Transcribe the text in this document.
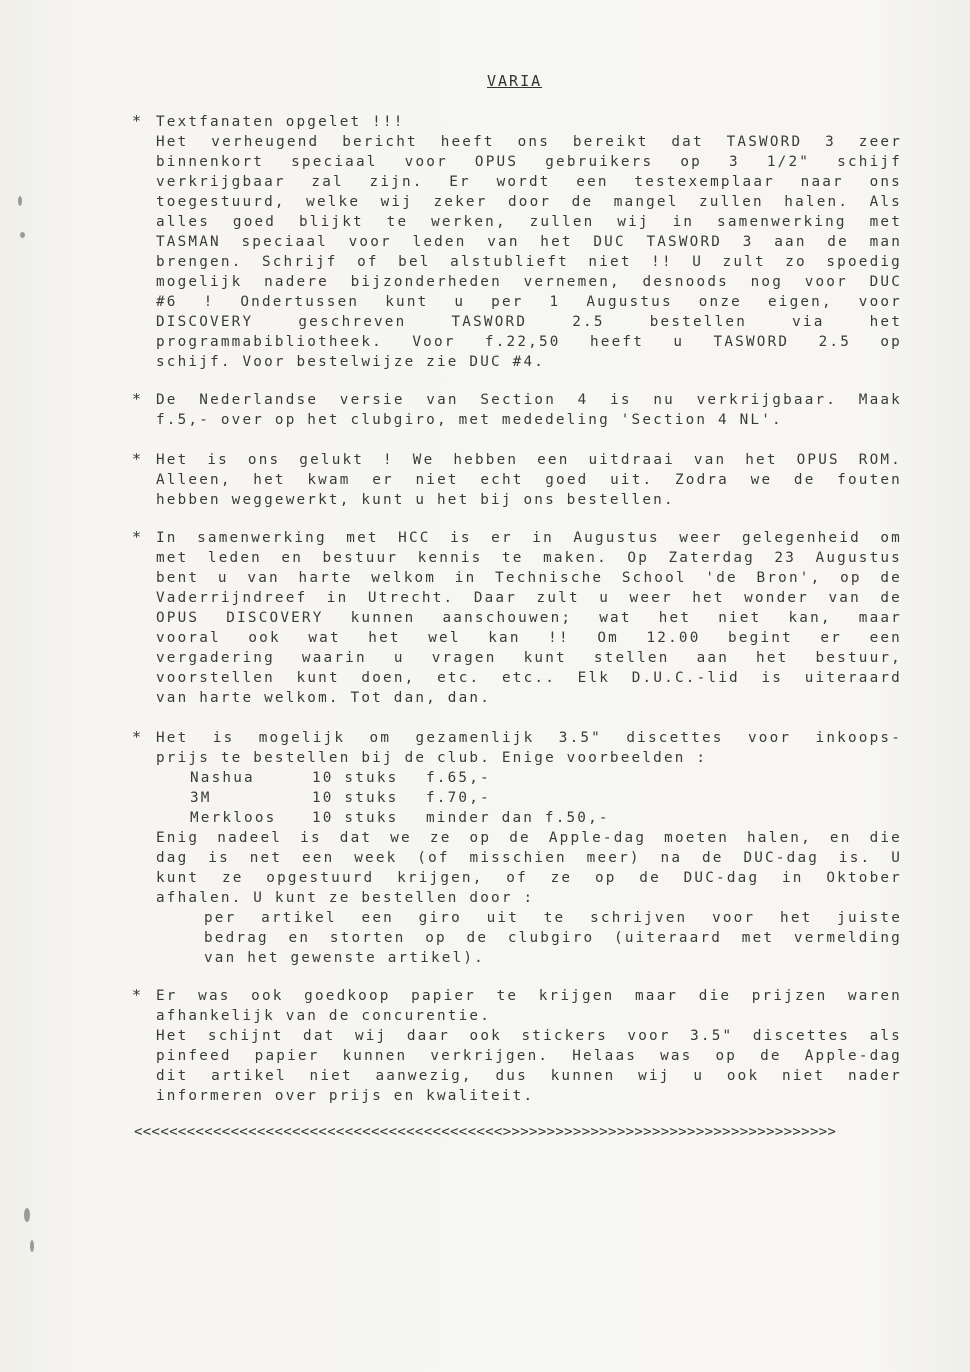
VARIA
* Textfanaten opgelet !!!
Het verheugend bericht heeft ons bereikt dat TASWORD 3 zeer
binnenkort speciaal voor OPUS gebruikers op 3 1/2" schijf
verkrijgbaar zal zijn. Er wordt een testexemplaar naar ons
toegestuurd, welke wij zeker door de mangel zullen halen. Als
alles goed blijkt te werken, zullen wij in samenwerking met
TASMAN speciaal voor leden van het DUC TASWORD 3 aan de man
brengen. Schrijf of bel alstublieft niet !! U zult zo spoedig
mogelijk nadere bijzonderheden vernemen, desnoods nog voor DUC
#6 ! Ondertussen kunt u per 1 Augustus onze eigen, voor
DISCOVERY geschreven TASWORD 2.5 bestellen via het
programmabibliotheek. Voor f.22,50 heeft u TASWORD 2.5 op
schijf. Voor bestelwijze zie DUC #4.
* De Nederlandse versie van Section 4 is nu verkrijgbaar. Maak
f.5,- over op het clubgiro, met mededeling 'Section 4 NL'.
* Het is ons gelukt ! We hebben een uitdraai van het OPUS ROM.
Alleen, het kwam er niet echt goed uit. Zodra we de fouten
hebben weggewerkt, kunt u het bij ons bestellen.
* In samenwerking met HCC is er in Augustus weer gelegenheid om
met leden en bestuur kennis te maken. Op Zaterdag 23 Augustus
bent u van harte welkom in Technische School 'de Bron', op de
Vaderrijndreef in Utrecht. Daar zult u weer het wonder van de
OPUS DISCOVERY kunnen aanschouwen; wat het niet kan, maar
vooral ook wat het wel kan !! Om 12.00 begint er een
vergadering waarin u vragen kunt stellen aan het bestuur,
voorstellen kunt doen, etc. etc.. Elk D.U.C.-lid is uiteraard
van harte welkom. Tot dan, dan.
* Het is mogelijk om gezamenlijk 3.5" discettes voor inkoops-
prijs te bestellen bij de club. Enige voorbeelden :
Nashua	10 stuks f.65,-
3M	10 stuks f.70,-
Merkloos 10 stuks minder dan f.50,-
Enig nadeel is dat we ze op de Apple-dag moeten halen, en die
dag is net een week (of misschien meer) na de DUC-dag is. U
kunt ze opgestuurd krijgen, of ze op de DUC-dag in Oktober
afhalen. U kunt ze bestellen door :
per artikel een giro uit te schrijven voor het juiste
bedrag en storten op de clubgiro (uiteraard met vermelding
van het gewenste artikel).
* Er was ook goedkoop papier te krijgen maar die prijzen waren
afhankelijk van de concurentie.
Het schijnt dat wij daar ook stickers voor 3.5" discettes als
pinfeed papier kunnen verkrijgen. Helaas was op de Apple-dag
dit artikel niet aanwezig, dus kunnen wij u ook niet nader
informeren over prijs en kwaliteit.
<<<<<<<<<<<<<<<<<<<<<<<<<<<<<<<<<<<<<<<<<<>>>>>>>>>>>>>>>>>>>>>>>>>>>>>>>>>>>>>>
